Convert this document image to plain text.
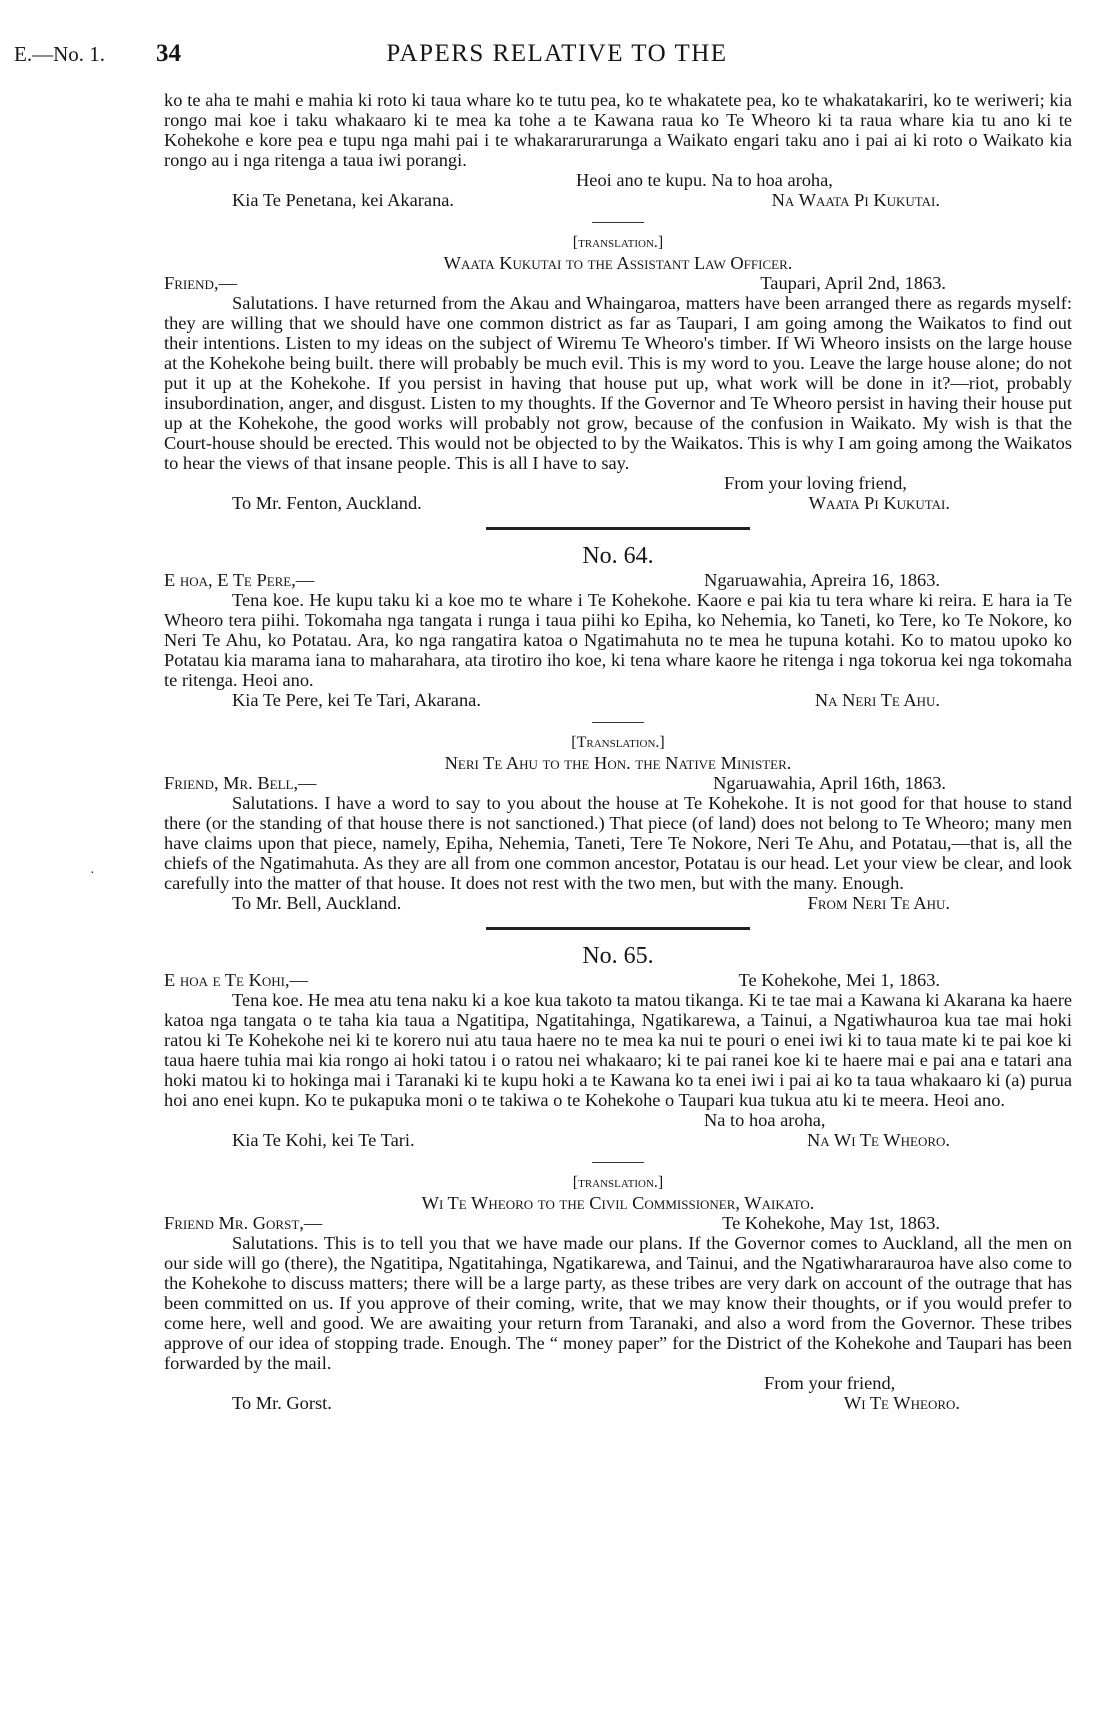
E.—No. 1. 34	PAPERS RELATIVE TO THE
·

ko te aha te mahi e mahia ki roto ki taua whare ko te tutu pea, ko te whakatete pea, ko te whakatakariri, ko te weriweri; kia rongo mai koe i taku whakaaro ki te mea ka tohe a te Kawana raua ko Te Wheoro ki ta raua whare kia tu ano ki te Kohekohe e kore pea e tupu nga mahi pai i te whakararurarunga a Waikato engari taku ano i pai ai ki roto o Waikato kia rongo au i nga ritenga a taua iwi porangi.

Heoi ano te kupu. Na to hoa aroha,

Kia Te Penetana, kei Akarana.	Na Waata Pi Kukutai.

[translation.]

Waata Kukutai to the Assistant Law Officer.

Friend,—	Taupari, April 2nd, 1863.

Salutations. I have returned from the Akau and Whaingaroa, matters have been arranged there as regards myself: they are willing that we should have one common district as far as Taupari, I am going among the Waikatos to find out their intentions. Listen to my ideas on the subject of Wiremu Te Wheoro's timber. If Wi Wheoro insists on the large house at the Kohekohe being built. there will probably be much evil. This is my word to you. Leave the large house alone; do not put it up at the Kohekohe. If you persist in having that house put up, what work will be done in it?—riot, probably insubordination, anger, and disgust. Listen to my thoughts. If the Governor and Te Wheoro persist in having their house put up at the Kohekohe, the good works will probably not grow, because of the confusion in Waikato. My wish is that the Court-house should be erected. This would not be objected to by the Waikatos. This is why I am going among the Waikatos to hear the views of that insane people. This is all I have to say.

From your loving friend,

To Mr. Fenton, Auckland.	Waata Pi Kukutai.

No. 64.

E hoa, E Te Pere,—	Ngaruawahia, Apreira 16, 1863.

Tena koe. He kupu taku ki a koe mo te whare i Te Kohekohe. Kaore e pai kia tu tera whare ki reira. E hara ia Te Wheoro tera piihi. Tokomaha nga tangata i runga i taua piihi ko Epiha, ko Nehemia, ko Taneti, ko Tere, ko Te Nokore, ko Neri Te Ahu, ko Potatau. Ara, ko nga rangatira katoa o Ngatimahuta no te mea he tupuna kotahi. Ko to matou upoko ko Potatau kia marama iana to maharahara, ata tirotiro iho koe, ki tena whare kaore he ritenga i nga tokorua kei nga tokomaha te ritenga. Heoi ano.

Kia Te Pere, kei Te Tari, Akarana.	Na Neri Te Ahu.

[Translation.]

Neri Te Ahu to the Hon. the Native Minister.

Friend, Mr. Bell,—	Ngaruawahia, April 16th, 1863.

Salutations. I have a word to say to you about the house at Te Kohekohe. It is not good for that house to stand there (or the standing of that house there is not sanctioned.) That piece (of land) does not belong to Te Wheoro; many men have claims upon that piece, namely, Epiha, Nehemia, Taneti, Tere Te Nokore, Neri Te Ahu, and Potatau,—that is, all the chiefs of the Ngatimahuta. As they are all from one common ancestor, Potatau is our head. Let your view be clear, and look carefully into the matter of that house. It does not rest with the two men, but with the many. Enough.

To Mr. Bell, Auckland.	From Neri Te Ahu.

No. 65.

E hoa e Te Kohi,—	Te Kohekohe, Mei 1, 1863.

Tena koe. He mea atu tena naku ki a koe kua takoto ta matou tikanga. Ki te tae mai a Kawana ki Akarana ka haere katoa nga tangata o te taha kia taua a Ngatitipa, Ngatitahinga, Ngatikarewa, a Tainui, a Ngatiwhauroa kua tae mai hoki ratou ki Te Kohekohe nei ki te korero nui atu taua haere no te mea ka nui te pouri o enei iwi ki to taua mate ki te pai koe ki taua haere tuhia mai kia rongo ai hoki tatou i o ratou nei whakaaro; ki te pai ranei koe ki te haere mai e pai ana e tatari ana hoki matou ki to hokinga mai i Taranaki ki te kupu hoki a te Kawana ko ta enei iwi i pai ai ko ta taua whakaaro ki (a) purua hoi ano enei kupn. Ko te pukapuka moni o te takiwa o te Kohekohe o Taupari kua tukua atu ki te meera. Heoi ano.

Na to hoa aroha,

Kia Te Kohi, kei Te Tari.	Na Wi Te Wheoro.

[translation.]

Wi Te Wheoro to the Civil Commissioner, Waikato.

Friend Mr. Gorst,—	Te Kohekohe, May 1st, 1863.

Salutations. This is to tell you that we have made our plans. If the Governor comes to Auckland, all the men on our side will go (there), the Ngatitipa, Ngatitahinga, Ngatikarewa, and Tainui, and the Ngatiwhararauroa have also come to the Kohekohe to discuss matters; there will be a large party, as these tribes are very dark on account of the outrage that has been committed on us. If you approve of their coming, write, that we may know their thoughts, or if you would prefer to come here, well and good. We are awaiting your return from Taranaki, and also a word from the Governor. These tribes approve of our idea of stopping trade. Enough. The “ money paper” for the District of the Kohekohe and Taupari has been forwarded by the mail.

From your friend,

To Mr. Gorst.	Wi Te Wheoro.
